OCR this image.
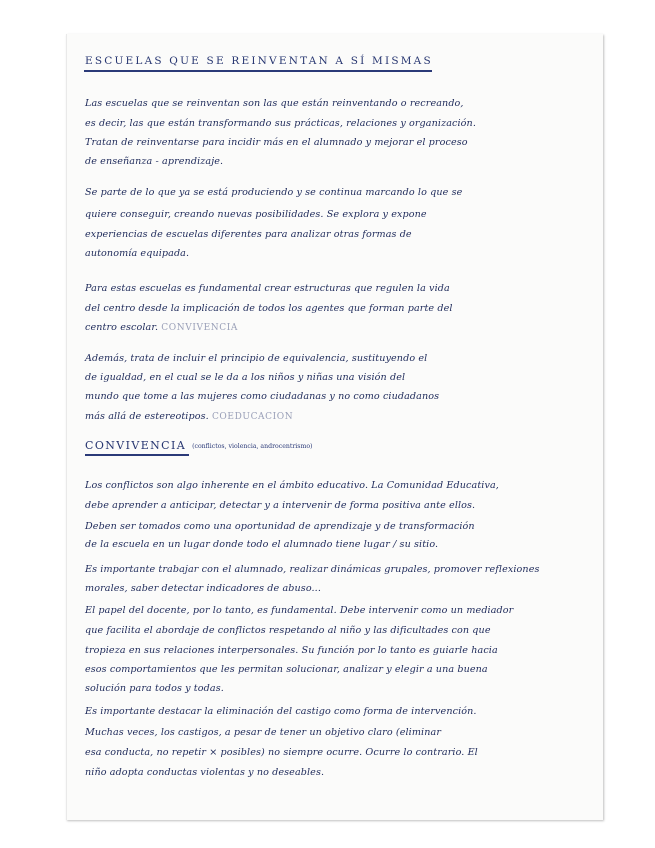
ESCUELAS QUE SE REINVENTAN A SÍ MISMAS
Las escuelas que se reinventan son las que están reinventando o recreando,
es decir, las que están transformando sus prácticas, relaciones y organización.
Tratan de reinventarse para incidir más en el alumnado y mejorar el proceso
de enseñanza - aprendizaje.
Se parte de lo que ya se está produciendo y se continua marcando lo que se
quiere conseguir, creando nuevas posibilidades. Se explora y expone
experiencias de escuelas diferentes para analizar otras formas de
autonomía equipada.
Para estas escuelas es fundamental crear estructuras que regulen la vida
del centro desde la implicación de todos los agentes que forman parte del
centro escolar. CONVIVENCIA
Además, trata de incluir el principio de equivalencia, sustituyendo el
de igualdad, en el cual se le da a los niños y niñas una visión del
mundo que tome a las mujeres como ciudadanas y no como ciudadanos
más allá de estereotipos. COEDUCACION
CONVIVENCIA (conflictos, violencia, androcentrismo)
Los conflictos son algo inherente en el ámbito educativo. La Comunidad Educativa,
debe aprender a anticipar, detectar y a intervenir de forma positiva ante ellos.
Deben ser tomados como una oportunidad de aprendizaje y de transformación
de la escuela en un lugar donde todo el alumnado tiene lugar / su sitio.
Es importante trabajar con el alumnado, realizar dinámicas grupales, promover reflexiones
morales, saber detectar indicadores de abuso...
El papel del docente, por lo tanto, es fundamental. Debe intervenir como un mediador
que facilita el abordaje de conflictos respetando al niño y las dificultades con que
tropieza en sus relaciones interpersonales. Su función por lo tanto es guiarle hacia
esos comportamientos que les permitan solucionar, analizar y elegir a una buena
solución para todos y todas.
Es importante destacar la eliminación del castigo como forma de intervención.
Muchas veces, los castigos, a pesar de tener un objetivo claro (eliminar
esa conducta, no repetir × posibles) no siempre ocurre. Ocurre lo contrario. El
niño adopta conductas violentas y no deseables.
